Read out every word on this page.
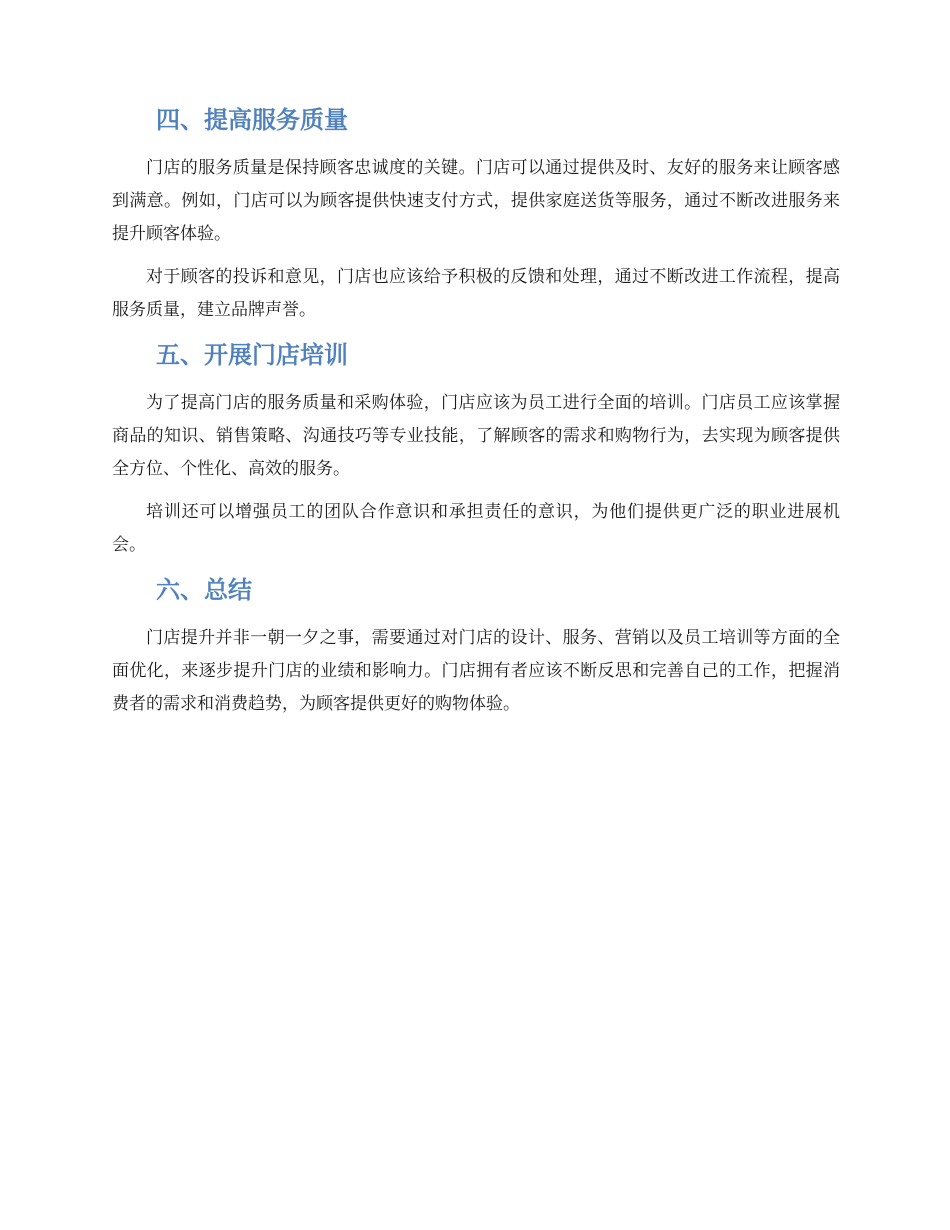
四、提高服务质量

门店的服务质量是保持顾客忠诚度的关键。门店可以通过提供及时、友好的服务来让顾客感到满意。例如，门店可以为顾客提供快速支付方式，提供家庭送货等服务，通过不断改进服务来提升顾客体验。

对于顾客的投诉和意见，门店也应该给予积极的反馈和处理，通过不断改进工作流程，提高服务质量，建立品牌声誉。

五、开展门店培训

为了提高门店的服务质量和采购体验，门店应该为员工进行全面的培训。门店员工应该掌握商品的知识、销售策略、沟通技巧等专业技能，了解顾客的需求和购物行为，去实现为顾客提供全方位、个性化、高效的服务。

培训还可以增强员工的团队合作意识和承担责任的意识，为他们提供更广泛的职业进展机会。

六、总结

门店提升并非一朝一夕之事，需要通过对门店的设计、服务、营销以及员工培训等方面的全面优化，来逐步提升门店的业绩和影响力。门店拥有者应该不断反思和完善自己的工作，把握消费者的需求和消费趋势，为顾客提供更好的购物体验。
